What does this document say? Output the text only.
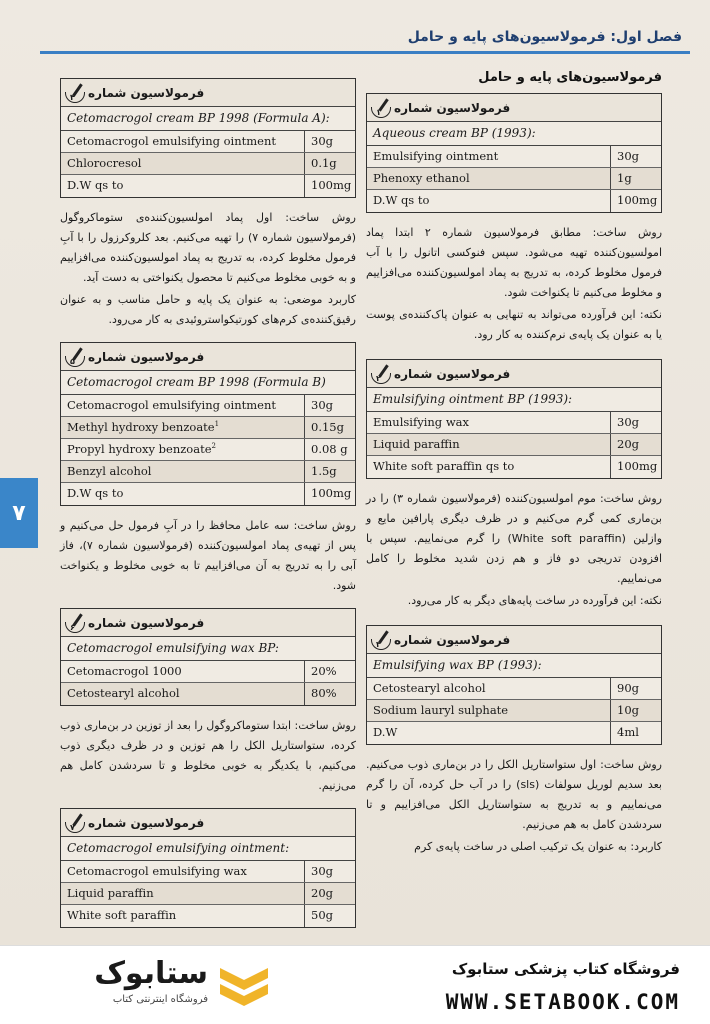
فصل اول: فرمولاسیون‌های پایه و حامل
۷
فرمولاسیون‌های پایه و حامل
فرمولاسیون شماره
۱
Aqueous cream BP (1993):
Emulsifying ointment	30g
Phenoxy ethanol	1g
D.W qs to	100mg

روش ساخت: مطابق فرمولاسیون شماره ۲ ابتدا پماد امولسیون‌کننده تهیه می‌شود. سپس فنوکسی اتانول را با آب فرمول مخلوط کرده، به تدریج به پماد امولسیون‌کننده می‌افزاییم و مخلوط می‌کنیم تا یکنواخت شود.

نکته: این فرآورده می‌تواند به تنهایی به عنوان پاک‌کننده‌ی پوست یا به عنوان یک پایه‌ی نرم‌کننده به کار رود.

فرمولاسیون شماره
۲
Emulsifying ointment BP (1993):
Emulsifying wax	30g
Liquid paraffin	20g
White soft paraffin qs to	100mg

روش ساخت: موم امولسیون‌کننده (فرمولاسیون شماره ۳) را در بن‌ماری کمی گرم می‌کنیم و در ظرف دیگری پارافین مایع و وازلین (White soft paraffin) را گرم می‌نماییم. سپس با افزودن تدریجی دو فاز و هم زدن شدید مخلوط را کامل می‌نماییم.

نکته: این فرآورده در ساخت پایه‌های دیگر به کار می‌رود.

فرمولاسیون شماره
۳
Emulsifying wax BP (1993):
Cetostearyl alcohol	90g
Sodium lauryl sulphate	10g
D.W	4ml

روش ساخت: اول ستواستاریل الکل را در بن‌ماری ذوب می‌کنیم. بعد سدیم لوریل سولفات (sls) را در آب حل کرده، آن را گرم می‌نماییم و به تدریج به ستواستاریل الکل می‌افزاییم و تا سردشدن کامل به هم می‌زنیم.

کاربرد: به عنوان یک ترکیب اصلی در ساخت پایه‌ی کرم

فرمولاسیون شماره
۴
Cetomacrogol cream BP 1998 (Formula A):
Cetomacrogol emulsifying ointment	30g
Chlorocresol	0.1g
D.W qs to	100mg

روش ساخت: اول پماد امولسیون‌کننده‌ی ستوماکروگول (فرمولاسیون شماره ۷) را تهیه می‌کنیم. بعد کلروکرزول را با آبِ فرمول مخلوط کرده، به تدریج به پماد امولسیون‌کننده می‌افزاییم و به خوبی مخلوط می‌کنیم تا محصول یکنواختی به دست آید.

کاربرد موضعی: به عنوان یک پایه و حامل مناسب و به عنوان رقیق‌کننده‌ی کرم‌های کورتیکواستروئیدی به کار می‌رود.

فرمولاسیون شماره
۵
Cetomacrogol cream BP 1998 (Formula B)
Cetomacrogol emulsifying ointment	30g
Methyl hydroxy benzoate$^1$	0.15g
Propyl hydroxy benzoate$^2$	0.08 g
Benzyl alcohol	1.5g
D.W qs to	100mg

روش ساخت: سه عامل محافظ را در آبِ فرمول حل می‌کنیم و پس از تهیه‌ی پماد امولسیون‌کننده (فرمولاسیون شماره ۷)، فاز آبی را به تدریج به آن می‌افزاییم تا به خوبی مخلوط و یکنواخت شود.

فرمولاسیون شماره
۶
Cetomacrogol emulsifying wax BP:
Cetomacrogol 1000	20%
Cetostearyl alcohol	80%

روش ساخت: ابتدا ستوماکروگول را بعد از توزین در بن‌ماری ذوب کرده، ستواستاریل الکل را هم توزین و در ظرف دیگری ذوب می‌کنیم، با یکدیگر به خوبی مخلوط و تا سردشدن کامل هم می‌زنیم.

فرمولاسیون شماره
۷
Cetomacrogol emulsifying ointment:
Cetomacrogol emulsifying wax	30g
Liquid paraffin	20g
White soft paraffin	50g
ستابوک
فروشگاه اینترنتی کتاب
فروشگاه کتاب پزشکی ستابوک
WWW.SETABOOK.COM
